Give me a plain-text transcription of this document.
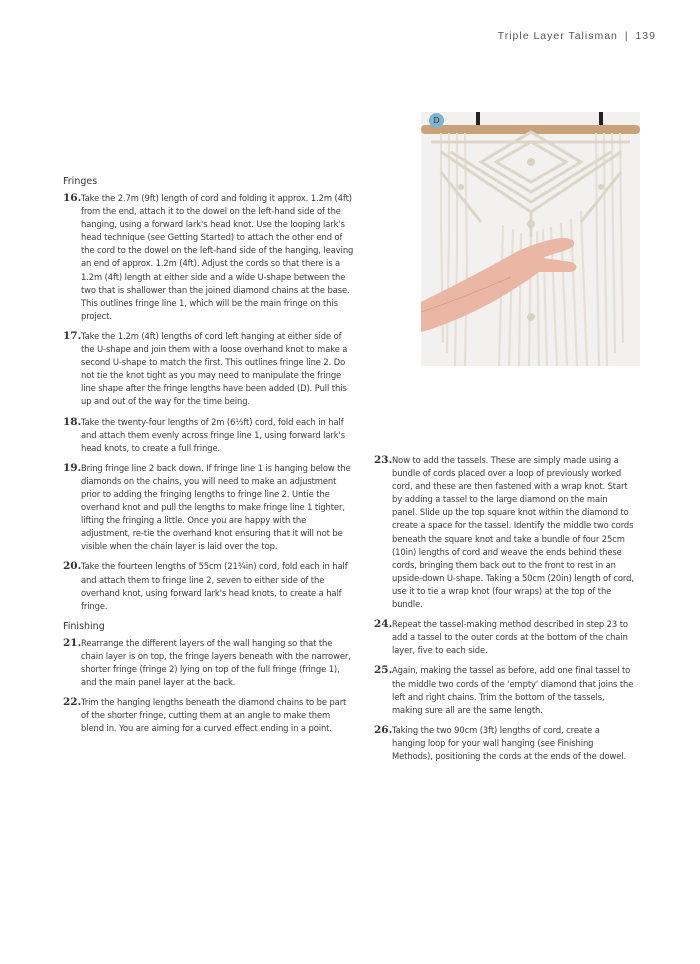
Triple Layer Talisman | 139
D
Fringes
16. Take the 2.7m (9ft) length of cord and folding it approx. 1.2m (4ft) from the end, attach it to the dowel on the left-hand side of the hanging, using a forward lark's head knot. Use the looping lark's head technique (see Getting Started) to attach the other end of the cord to the dowel on the left-hand side of the hanging, leaving an end of approx. 1.2m (4ft). Adjust the cords so that there is a 1.2m (4ft) length at either side and a wide U-shape between the two that is shallower than the joined diamond chains at the base. This outlines fringe line 1, which will be the main fringe on this project.
17. Take the 1.2m (4ft) lengths of cord left hanging at either side of the U-shape and join them with a loose overhand knot to make a second U-shape to match the first. This outlines fringe line 2. Do not tie the knot tight as you may need to manipulate the fringe line shape after the fringe lengths have been added (D). Pull this up and out of the way for the time being.
18. Take the twenty-four lengths of 2m (6½ft) cord, fold each in half and attach them evenly across fringe line 1, using forward lark's head knots, to create a full fringe.
19. Bring fringe line 2 back down. If fringe line 1 is hanging below the diamonds on the chains, you will need to make an adjustment prior to adding the fringing lengths to fringe line 2. Untie the overhand knot and pull the lengths to make fringe line 1 tighter, lifting the fringing a little. Once you are happy with the adjustment, re-tie the overhand knot ensuring that it will not be visible when the chain layer is laid over the top.
20. Take the fourteen lengths of 55cm (21¾in) cord, fold each in half and attach them to fringe line 2, seven to either side of the overhand knot, using forward lark's head knots, to create a half fringe.
Finishing
21. Rearrange the different layers of the wall hanging so that the chain layer is on top, the fringe layers beneath with the narrower, shorter fringe (fringe 2) lying on top of the full fringe (fringe 1), and the main panel layer at the back.
22. Trim the hanging lengths beneath the diamond chains to be part of the shorter fringe, cutting them at an angle to make them blend in. You are aiming for a curved effect ending in a point.
23. Now to add the tassels. These are simply made using a bundle of cords placed over a loop of previously worked cord, and these are then fastened with a wrap knot. Start by adding a tassel to the large diamond on the main panel. Slide up the top square knot within the diamond to create a space for the tassel. Identify the middle two cords beneath the square knot and take a bundle of four 25cm (10in) lengths of cord and weave the ends behind these cords, bringing them back out to the front to rest in an upside-down U-shape. Taking a 50cm (20in) length of cord, use it to tie a wrap knot (four wraps) at the top of the bundle.
24. Repeat the tassel-making method described in step 23 to add a tassel to the outer cords at the bottom of the chain layer, five to each side.
25. Again, making the tassel as before, add one final tassel to the middle two cords of the 'empty' diamond that joins the left and right chains. Trim the bottom of the tassels, making sure all are the same length.
26. Taking the two 90cm (3ft) lengths of cord, create a hanging loop for your wall hanging (see Finishing Methods), positioning the cords at the ends of the dowel.
